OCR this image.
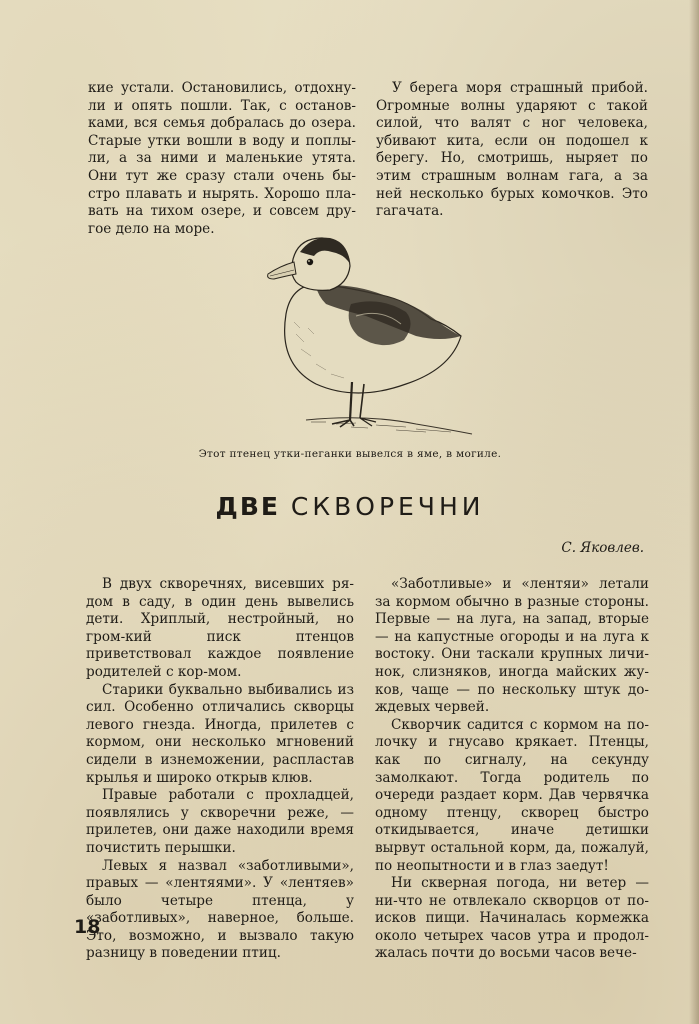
кие устали. Остановились, отдохну-ли и опять пошли. Так, с останов-ками, вся семья добралась до озера. Старые утки вошли в воду и поплы-ли, а за ними и маленькие утята. Они тут же сразу стали очень бы-стро плавать и нырять. Хорошо пла-вать на тихом озере, и совсем дру-гое дело на море.

У берега моря страшный прибой. Огромные волны ударяют с такой силой, что валят с ног человека, убивают кита, если он подошел к берегу. Но, смотришь, ныряет по этим страшным волнам гага, а за ней несколько бурых комочков. Это гагачата.

Этот птенец утки-пеганки вывелся в яме, в могиле.
ДВЕ СКВОРЕЧНИ
С. Яковлев.

В двух скворечнях, висевших ря-дом в саду, в один день вывелись дети. Хриплый, нестройный, но гром-кий писк птенцов приветствовал каждое появление родителей с кор-мом.

Старики буквально выбивались из сил. Особенно отличались скворцы левого гнезда. Иногда, прилетев с кормом, они несколько мгновений сидели в изнеможении, распластав крылья и широко открыв клюв.

Правые работали с прохладцей, появлялись у скворечни реже, — прилетев, они даже находили время почистить перышки.

Левых я назвал «заботливыми», правых — «лентяями». У «лентяев» было четыре птенца, у «заботливых», наверное, больше. Это, возможно, и вызвало такую разницу в поведении птиц.

«Заботливые» и «лентяи» летали за кормом обычно в разные стороны. Первые — на луга, на запад, вторые — на капустные огороды и на луга к востоку. Они таскали крупных личи-нок, слизняков, иногда майских жу-ков, чаще — по нескольку штук до-ждевых червей.

Скворчик садится с кормом на по-лочку и гнусаво крякает. Птенцы, как по сигналу, на секунду замолкают. Тогда родитель по очереди раздает корм. Дав червячка одному птенцу, скворец быстро откидывается, иначе детишки вырвут остальной корм, да, пожалуй, по неопытности и в глаз заедут!

Ни скверная погода, ни ветер — ни-что не отвлекало скворцов от по-исков пищи. Начиналась кормежка около четырех часов утра и продол-жалась почти до восьми часов вече-

18
